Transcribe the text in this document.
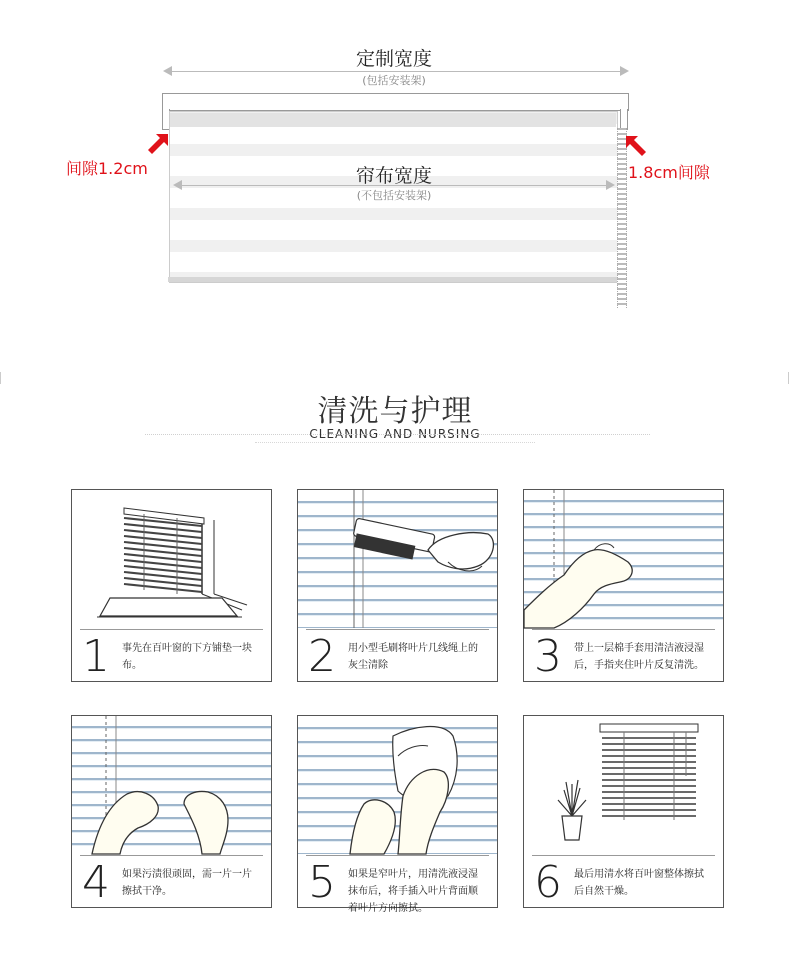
定制宽度
(包括安装架)
帘布宽度
(不包括安装架)
间隙1.2cm	1.8cm间隙
清洗与护理
CLEANING AND NURSING
1 事先在百叶窗的下方铺垫一块布。	2 用小型毛刷将叶片几线绳上的灰尘清除	3 带上一层棉手套用清洁液浸湿后，手指夹住叶片反复清洗。
4 如果污渍很顽固，需一片一片擦拭干净。	5 如果是窄叶片，用清洗液浸湿抹布后，将手插入叶片背面顺着叶片方向擦拭。
6 最后用清水将百叶窗整体擦拭后自然干燥。
